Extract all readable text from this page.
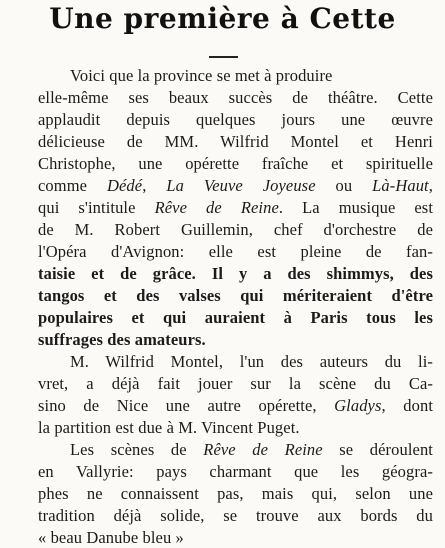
Une première à Cette
Voici que la province se met à produire
elle-même ses beaux succès de théâtre. Cette
applaudit depuis quelques jours une œuvre
délicieuse de MM. Wilfrid Montel et Henri
Christophe, une opérette fraîche et spirituelle
comme Dédé, La Veuve Joyeuse ou Là-Haut,
qui s'intitule Rêve de Reine. La musique est
de M. Robert Guillemin, chef d'orchestre de
l'Opéra d'Avignon: elle est pleine de fan-
taisie et de grâce. Il y a des shimmys, des
tangos et des valses qui mériteraient d'être
populaires et qui auraient à Paris tous les
suffrages des amateurs.
M. Wilfrid Montel, l'un des auteurs du li-
vret, a déjà fait jouer sur la scène du Ca-
sino de Nice une autre opérette, Gladys, dont
la partition est due à M. Vincent Puget.
Les scènes de Rêve de Reine se déroulent
en Vallyrie: pays charmant que les géogra-
phes ne connaissent pas, mais qui, selon une
tradition déjà solide, se trouve aux bords du
« beau Danube bleu »
